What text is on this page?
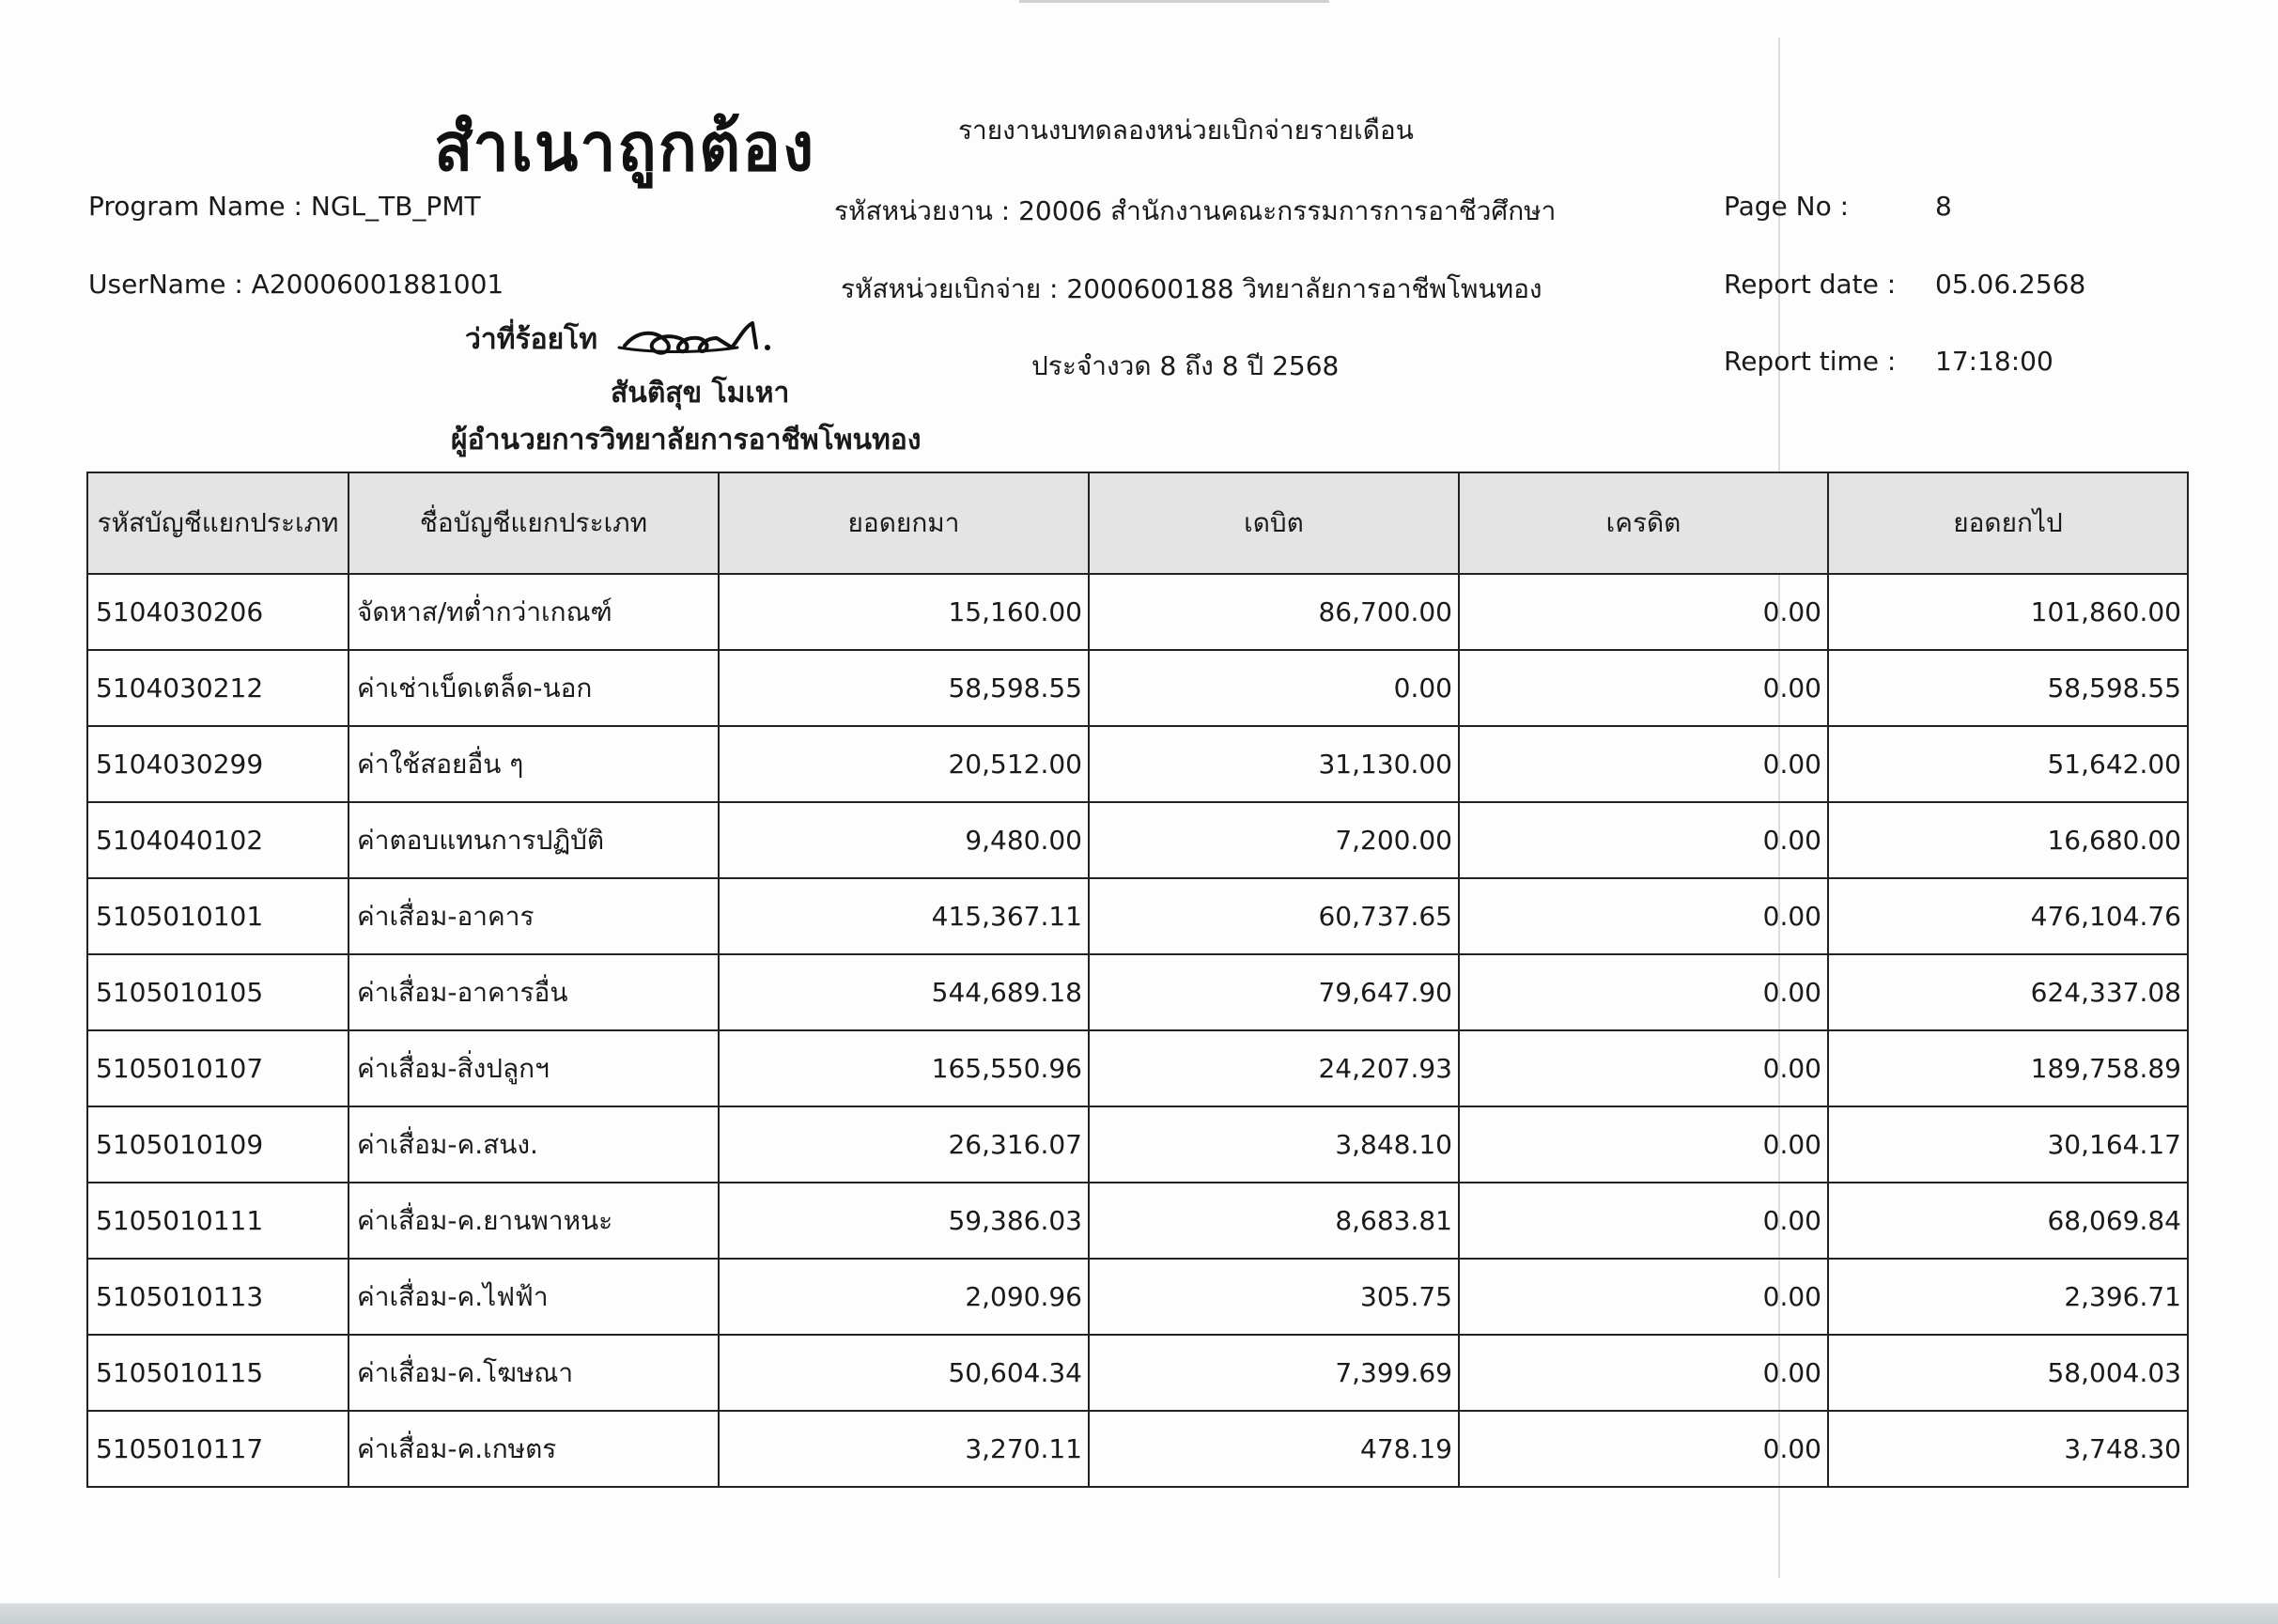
สำเนาถูกต้อง	รายงานงบทดลองหน่วยเบิกจ่ายรายเดือน
Program Name : NGL_TB_PMT	รหัสหน่วยงาน : 20006 สำนักงานคณะกรรมการการอาชีวศึกษา	Page No :	8
UserName : A20006001881001	รหัสหน่วยเบิกจ่าย : 2000600188 วิทยาลัยการอาชีพโพนทอง	Report date : 05.06.2568
ประจำงวด 8 ถึง 8 ปี 2568	Report time : 17:18:00
ว่าที่ร้อยโท
สันติสุข โมเหา
ผู้อำนวยการวิทยาลัยการอาชีพโพนทอง
รหัสบัญชีแยกประเภท	ชื่อบัญชีแยกประเภท	ยอดยกมา	เดบิต	เครดิต	ยอดยกไป
5104030206	จัดหาส/ทต่ำกว่าเกณฑ์	15,160.00	86,700.00	0.00	101,860.00
5104030212	ค่าเช่าเบ็ดเตล็ด-นอก	58,598.55	0.00	0.00	58,598.55
5104030299	ค่าใช้สอยอื่น ๆ	20,512.00	31,130.00	0.00	51,642.00
5104040102	ค่าตอบแทนการปฏิบัติ	9,480.00	7,200.00	0.00	16,680.00
5105010101	ค่าเสื่อม-อาคาร	415,367.11	60,737.65	0.00	476,104.76
5105010105	ค่าเสื่อม-อาคารอื่น	544,689.18	79,647.90	0.00	624,337.08
5105010107	ค่าเสื่อม-สิ่งปลูกฯ	165,550.96	24,207.93	0.00	189,758.89
5105010109	ค่าเสื่อม-ค.สนง.	26,316.07	3,848.10	0.00	30,164.17
5105010111	ค่าเสื่อม-ค.ยานพาหนะ	59,386.03	8,683.81	0.00	68,069.84
5105010113	ค่าเสื่อม-ค.ไฟฟ้า	2,090.96	305.75	0.00	2,396.71
5105010115	ค่าเสื่อม-ค.โฆษณา	50,604.34	7,399.69	0.00	58,004.03
5105010117	ค่าเสื่อม-ค.เกษตร	3,270.11	478.19	0.00	3,748.30
